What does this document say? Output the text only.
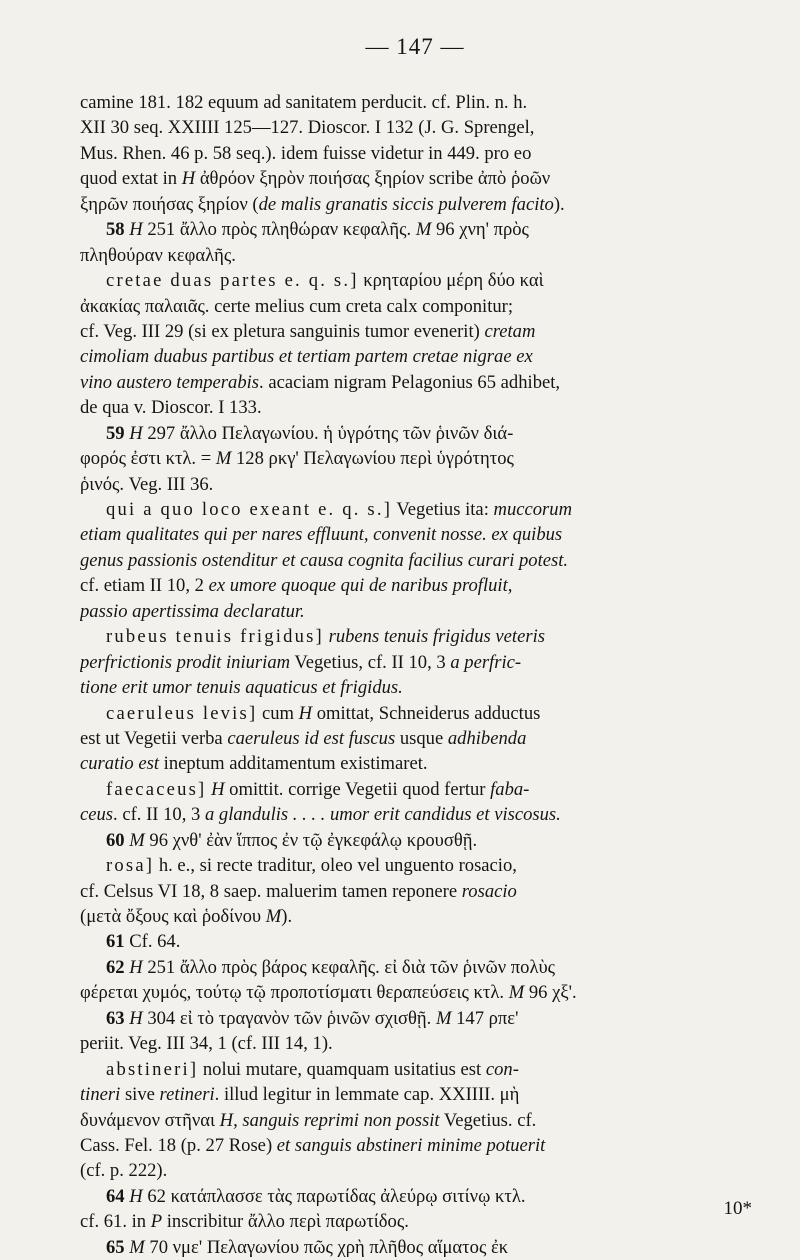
— 147 —
camine 181. 182 equum ad sanitatem perducit. cf. Plin. n. h.
XII 30 seq. XXIIII 125—127. Dioscor. I 132 (J. G. Sprengel,
Mus. Rhen. 46 p. 58 seq.). idem fuisse videtur in 449. pro eo
quod extat in H ἀθρόον ξηρὸν ποιήσας ξηρίον scribe ἀπὸ ῥοῶν
ξηρῶν ποιήσας ξηρίον (de malis granatis siccis pulverem facito).
58 H 251 ἄλλο πρὸς πληθώραν κεφαλῆς. M 96 χνη' πρὸς
πληθούραν κεφαλῆς.
cretae duas partes e. q. s.] κρηταρίου μέρη δύο καὶ
ἀκακίας παλαιᾶς. certe melius cum creta calx componitur;
cf. Veg. III 29 (si ex pletura sanguinis tumor evenerit) cretam
cimoliam duabus partibus et tertiam partem cretae nigrae ex
vino austero temperabis. acaciam nigram Pelagonius 65 adhibet,
de qua v. Dioscor. I 133.
59 H 297 ἄλλο Πελαγωνίου. ἡ ὑγρότης τῶν ῥινῶν διά-
φορός ἐστι κτλ. = M 128 ρκγ' Πελαγωνίου περὶ ὑγρότητος
ῥινός. Veg. III 36.
qui a quo loco exeant e. q. s.] Vegetius ita: muccorum
etiam qualitates qui per nares effluunt, convenit nosse. ex quibus
genus passionis ostenditur et causa cognita facilius curari potest.
cf. etiam II 10, 2 ex umore quoque qui de naribus profluit,
passio apertissima declaratur.
rubeus tenuis frigidus] rubens tenuis frigidus veteris
perfrictionis prodit iniuriam Vegetius, cf. II 10, 3 a perfric-
tione erit umor tenuis aquaticus et frigidus.
caeruleus levis] cum H omittat, Schneiderus adductus
est ut Vegetii verba caeruleus id est fuscus usque adhibenda
curatio est ineptum additamentum existimaret.
faecaceus] H omittit. corrige Vegetii quod fertur faba-
ceus. cf. II 10, 3 a glandulis . . . . umor erit candidus et viscosus.
60 M 96 χνθ' ἐὰν ἵππος ἐν τῷ ἐγκεφάλῳ κρουσθῇ.
rosa] h. e., si recte traditur, oleo vel unguento rosacio,
cf. Celsus VI 18, 8 saep. maluerim tamen reponere rosacio
(μετὰ ὄξους καὶ ῥοδίνου M).
61 Cf. 64.
62 H 251 ἄλλο πρὸς βάρος κεφαλῆς. εἰ διὰ τῶν ῥινῶν πολὺς
φέρεται χυμός, τούτῳ τῷ προποτίσματι θεραπεύσεις κτλ. M 96 χξ'.
63 H 304 εἰ τὸ τραγανὸν τῶν ῥινῶν σχισθῇ. M 147 ρπε'
periit. Veg. III 34, 1 (cf. III 14, 1).
abstineri] nolui mutare, quamquam usitatius est con-
tineri sive retineri. illud legitur in lemmate cap. XXIIII. μὴ
δυνάμενον στῆναι H, sanguis reprimi non possit Vegetius. cf.
Cass. Fel. 18 (p. 27 Rose) et sanguis abstineri minime potuerit
(cf. p. 222).
64 H 62 κατάπλασσε τὰς παρωτίδας ἀλεύρῳ σιτίνῳ κτλ.
cf. 61. in P inscribitur ἄλλο περὶ παρωτίδος.
65 M 70 νμε' Πελαγωνίου πῶς χρὴ πλῆθος αἵματος ἐκ
10*
